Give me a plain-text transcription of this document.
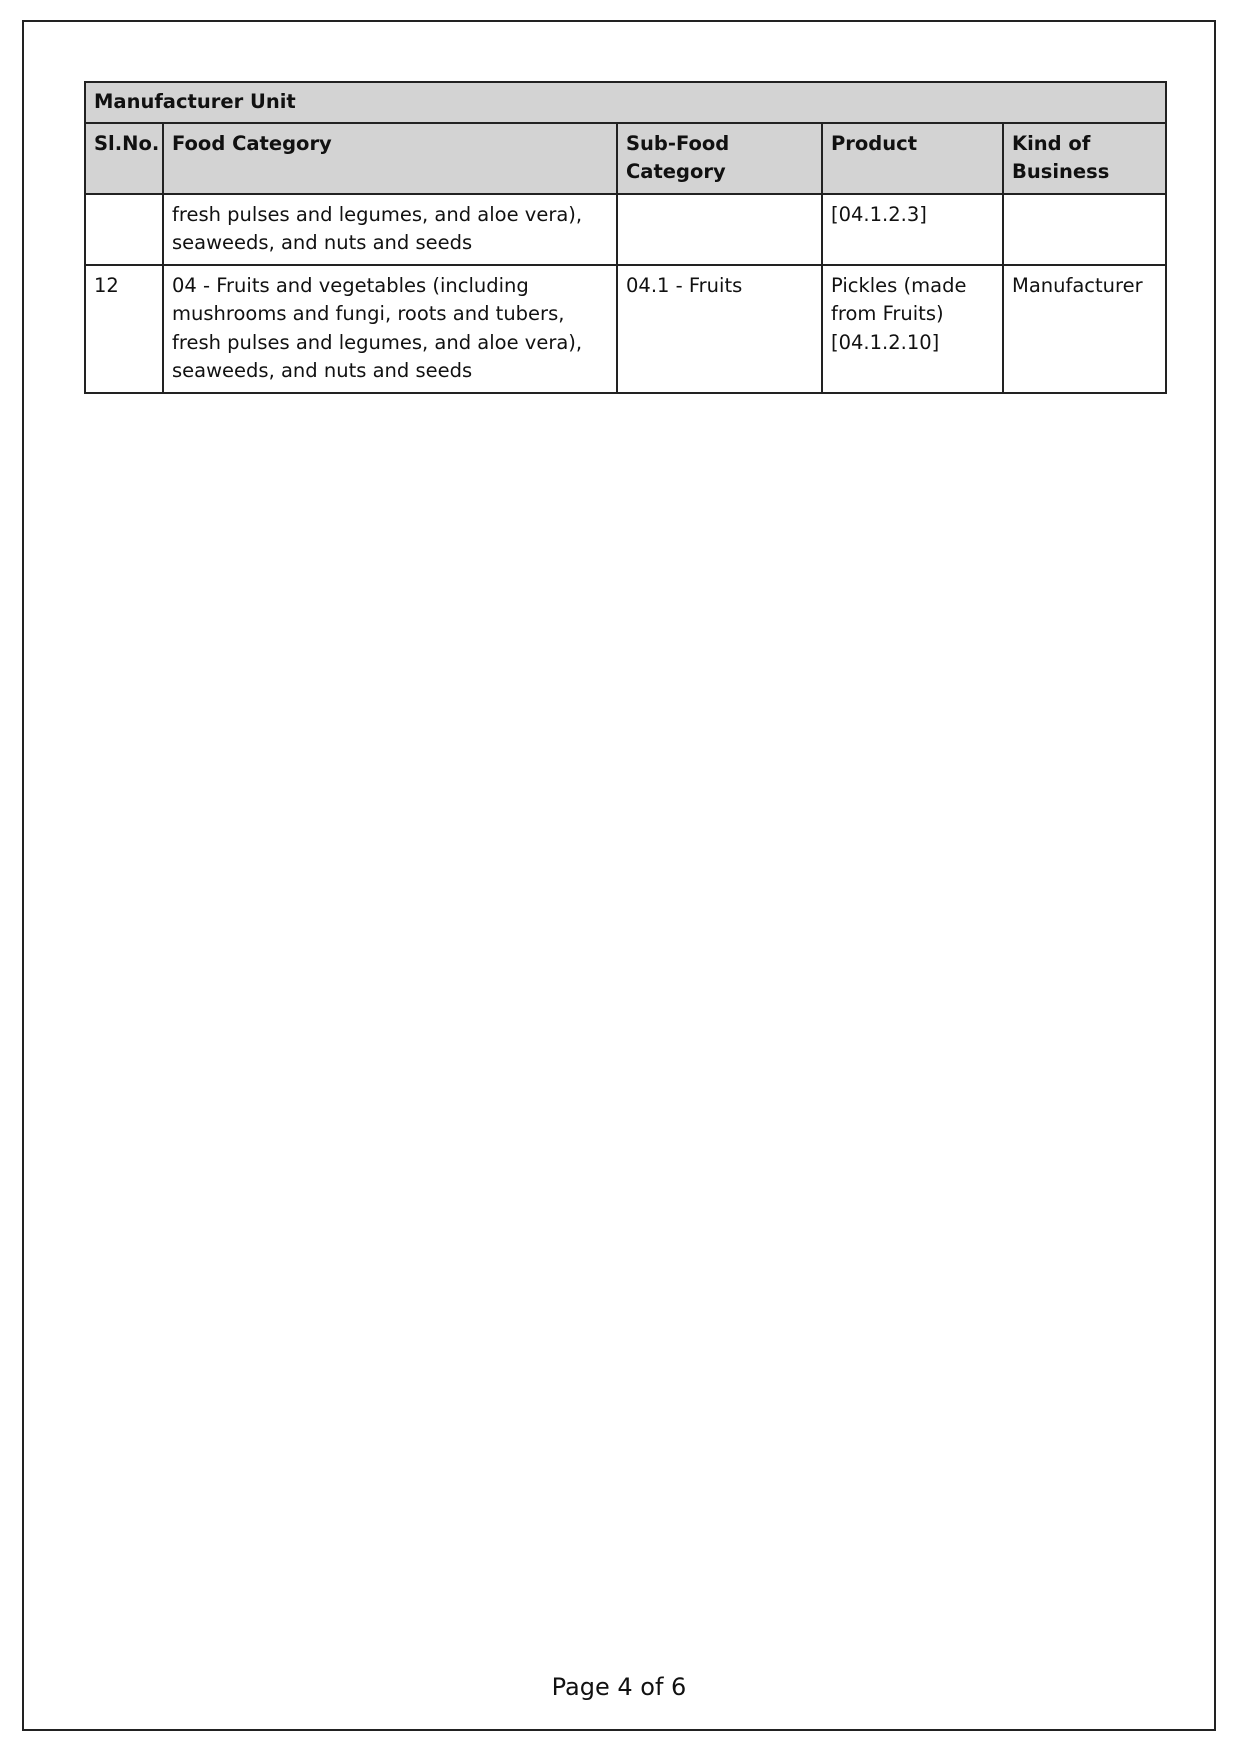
Manufacturer Unit				
Sl.No.	Food Category	Sub-Food Category	Product	Kind of Business
	fresh pulses and legumes, and aloe vera), seaweeds, and nuts and seeds		[04.1.2.3]	
12	04 - Fruits and vegetables (including mushrooms and fungi, roots and tubers, fresh pulses and legumes, and aloe vera), seaweeds, and nuts and seeds	04.1 - Fruits	Pickles (made from Fruits) [04.1.2.10]	Manufacturer
Page 4 of 6
